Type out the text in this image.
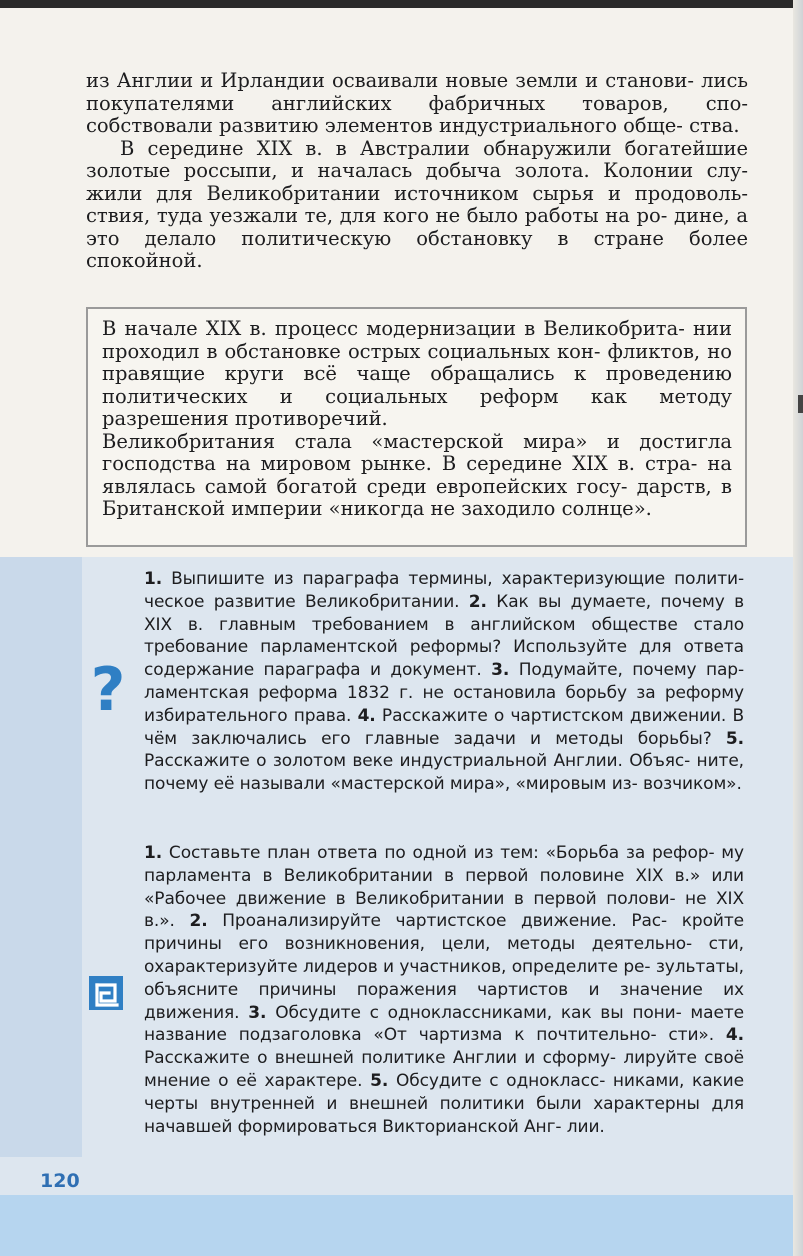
из Англии и Ирландии осваивали новые земли и станови- лись покупателями английских фабричных товаров, спо- собствовали развитию элементов индустриального обще- ства.

В середине XIX в. в Австралии обнаружили богатейшие золотые россыпи, и началась добыча золота. Колонии слу- жили для Великобритании источником сырья и продоволь- ствия, туда уезжали те, для кого не было работы на ро- дине, а это делало политическую обстановку в стране более спокойной.

В начале XIX в. процесс модернизации в Великобрита- нии проходил в обстановке острых социальных кон- фликтов, но правящие круги всё чаще обращались к проведению политических и социальных реформ как методу разрешения противоречий.

Великобритания стала «мастерской мира» и достигла господства на мировом рынке. В середине XIX в. стра- на являлась самой богатой среди европейских госу- дарств, в Британской империи «никогда не заходило солнце».

?
1. Выпишите из параграфа термины, характеризующие полити- ческое развитие Великобритании. 2. Как вы думаете, почему в XIX в. главным требованием в английском обществе стало требование парламентской реформы? Используйте для ответа содержание параграфа и документ. 3. Подумайте, почему пар- ламентская реформа 1832 г. не остановила борьбу за реформу избирательного права. 4. Расскажите о чартистском движении. В чём заключались его главные задачи и методы борьбы? 5. Расскажите о золотом веке индустриальной Англии. Объяс- ните, почему её называли «мастерской мира», «мировым из- возчиком».
1. Составьте план ответа по одной из тем: «Борьба за рефор- му парламента в Великобритании в первой половине XIX в.» или «Рабочее движение в Великобритании в первой полови- не XIX в.». 2. Проанализируйте чартистское движение. Рас- кройте причины его возникновения, цели, методы деятельно- сти, охарактеризуйте лидеров и участников, определите ре- зультаты, объясните причины поражения чартистов и значение их движения. 3. Обсудите с одноклассниками, как вы пони- маете название подзаголовка «От чартизма к почтительно- сти». 4. Расскажите о внешней политике Англии и сформу- лируйте своё мнение о её характере. 5. Обсудите с однокласс- никами, какие черты внутренней и внешней политики были характерны для начавшей формироваться Викторианской Анг- лии.
120
